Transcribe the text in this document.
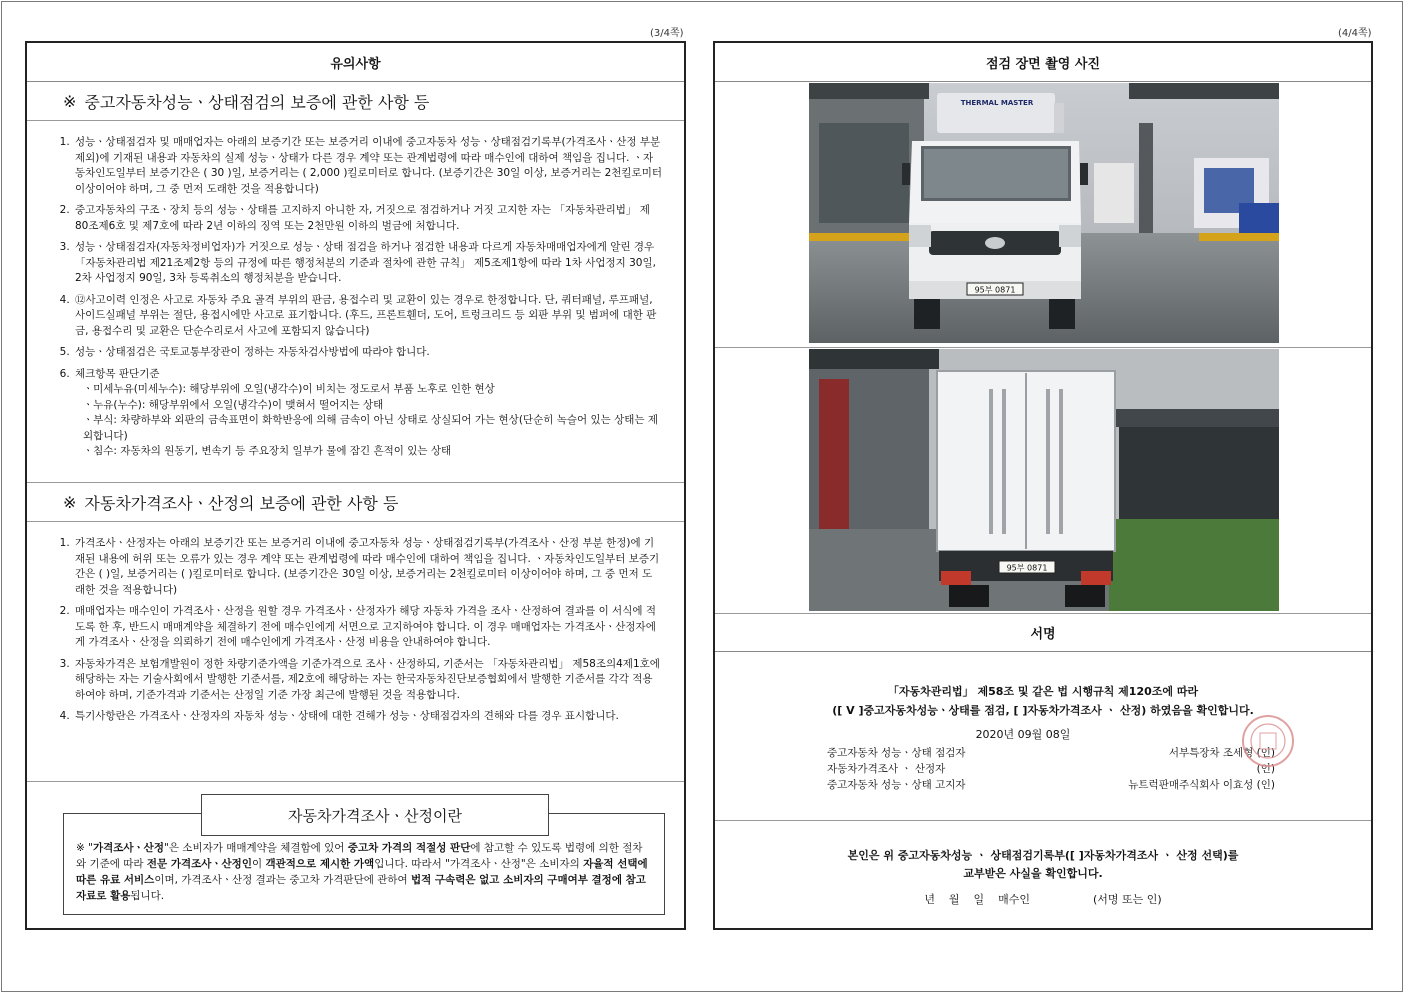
(3/4쪽)	(4/4쪽)
유의사항
※ 중고자동차성능ㆍ상태점검의 보증에 관한 사항 등
1. 성능ㆍ상태점검자 및 매매업자는 아래의 보증기간 또는 보증거리 이내에 중고자동차 성능ㆍ상태점검기록부(가격조사ㆍ산정 부분 제외)에 기재된 내용과 자동차의 실제 성능ㆍ상태가 다른 경우 계약 또는 관계법령에 따라 매수인에 대하여 책임을 집니다. ㆍ자동차인도일부터 보증기간은 ( 30 )일, 보증거리는 ( 2,000 )킬로미터로 합니다. (보증기간은 30일 이상, 보증거리는 2천킬로미터 이상이어야 하며, 그 중 먼저 도래한 것을 적용합니다)
2. 중고자동차의 구조ㆍ장치 등의 성능ㆍ상태를 고지하지 아니한 자, 거짓으로 점검하거나 거짓 고지한 자는 「자동차관리법」 제80조제6호 및 제7호에 따라 2년 이하의 징역 또는 2천만원 이하의 벌금에 처합니다.
3. 성능ㆍ상태점검자(자동차정비업자)가 거짓으로 성능ㆍ상태 점검을 하거나 점검한 내용과 다르게 자동차매매업자에게 알린 경우 「자동차관리법 제21조제2항 등의 규정에 따른 행정처분의 기준과 절차에 관한 규칙」 제5조제1항에 따라 1차 사업정지 30일, 2차 사업정지 90일, 3차 등록취소의 행정처분을 받습니다.
4. ⑫사고이력 인정은 사고로 자동차 주요 골격 부위의 판금, 용접수리 및 교환이 있는 경우로 한정합니다. 단, 쿼터패널, 루프패널, 사이드실패널 부위는 절단, 용접시에만 사고로 표기합니다. (후드, 프론트휀더, 도어, 트렁크리드 등 외판 부위 및 범퍼에 대한 판금, 용접수리 및 교환은 단순수리로서 사고에 포함되지 않습니다)
5. 성능ㆍ상태점검은 국토교통부장관이 정하는 자동차검사방법에 따라야 합니다.
6. 체크항목 판단기준
ㆍ미세누유(미세누수): 해당부위에 오일(냉각수)이 비치는 정도로서 부품 노후로 인한 현상
ㆍ누유(누수): 해당부위에서 오일(냉각수)이 맺혀서 떨어지는 상태
ㆍ부식: 차량하부와 외판의 금속표면이 화학반응에 의해 금속이 아닌 상태로 상실되어 가는 현상(단순히 녹슬어 있는 상태는 제외합니다)
ㆍ침수: 자동차의 원동기, 변속기 등 주요장치 일부가 물에 잠긴 흔적이 있는 상태
※ 자동차가격조사ㆍ산정의 보증에 관한 사항 등
1. 가격조사ㆍ산정자는 아래의 보증기간 또는 보증거리 이내에 중고자동차 성능ㆍ상태점검기록부(가격조사ㆍ산정 부분 한정)에 기재된 내용에 허위 또는 오류가 있는 경우 계약 또는 관계법령에 따라 매수인에 대하여 책임을 집니다. ㆍ자동차인도일부터 보증기간은 ( )일, 보증거리는 ( )킬로미터로 합니다. (보증기간은 30일 이상, 보증거리는 2천킬로미터 이상이어야 하며, 그 중 먼저 도래한 것을 적용합니다)
2. 매매업자는 매수인이 가격조사ㆍ산정을 원할 경우 가격조사ㆍ산정자가 해당 자동차 가격을 조사ㆍ산정하여 결과를 이 서식에 적도록 한 후, 반드시 매매계약을 체결하기 전에 매수인에게 서면으로 고지하여야 합니다. 이 경우 매매업자는 가격조사ㆍ산정자에게 가격조사ㆍ산정을 의뢰하기 전에 매수인에게 가격조사ㆍ산정 비용을 안내하여야 합니다.
3. 자동차가격은 보험개발원이 정한 차량기준가액을 기준가격으로 조사ㆍ산정하되, 기준서는 「자동차관리법」 제58조의4제1호에 해당하는 자는 기술사회에서 발행한 기준서를, 제2호에 해당하는 자는 한국자동차진단보증협회에서 발행한 기준서를 각각 적용하여야 하며, 기준가격과 기준서는 산정일 기준 가장 최근에 발행된 것을 적용합니다.
4. 특기사항란은 가격조사ㆍ산정자의 자동차 성능ㆍ상태에 대한 견해가 성능ㆍ상태점검자의 견해와 다를 경우 표시합니다.
※ "가격조사ㆍ산정"은 소비자가 매매계약을 체결함에 있어 중고차 가격의 적절성 판단에 참고할 수 있도록 법령에 의한 절차와 기준에 따라 전문 가격조사ㆍ산정인이 객관적으로 제시한 가액입니다. 따라서 "가격조사ㆍ산정"은 소비자의 자율적 선택에 따른 유료 서비스이며, 가격조사ㆍ산정 결과는 중고차 가격판단에 관하여 법적 구속력은 없고 소비자의 구매여부 결정에 참고자료로 활용됩니다.
자동차가격조사ㆍ산정이란
점검 장면 촬영 사진
THERMAL MASTER
95부 0871
95부 0871
서명
「자동차관리법」 제58조 및 같은 법 시행규칙 제120조에 따라
([ V ]중고자동차성능ㆍ상태를 점검, [ ]자동차가격조사 ㆍ 산정) 하였음을 확인합니다.
2020년 09월 08일
중고자동차 성능ㆍ상태 점검자	서부특장차 조세형 (인)
자동차가격조사 ㆍ 산정자	(인)
중고자동차 성능ㆍ상태 고지자	뉴트럭판매주식회사 이효성 (인)
본인은 위 중고자동차성능 ㆍ 상태점검기록부([ ]자동차가격조사 ㆍ 산정 선택)를
교부받은 사실을 확인합니다.
년    월    일    매수인                  (서명 또는 인)
